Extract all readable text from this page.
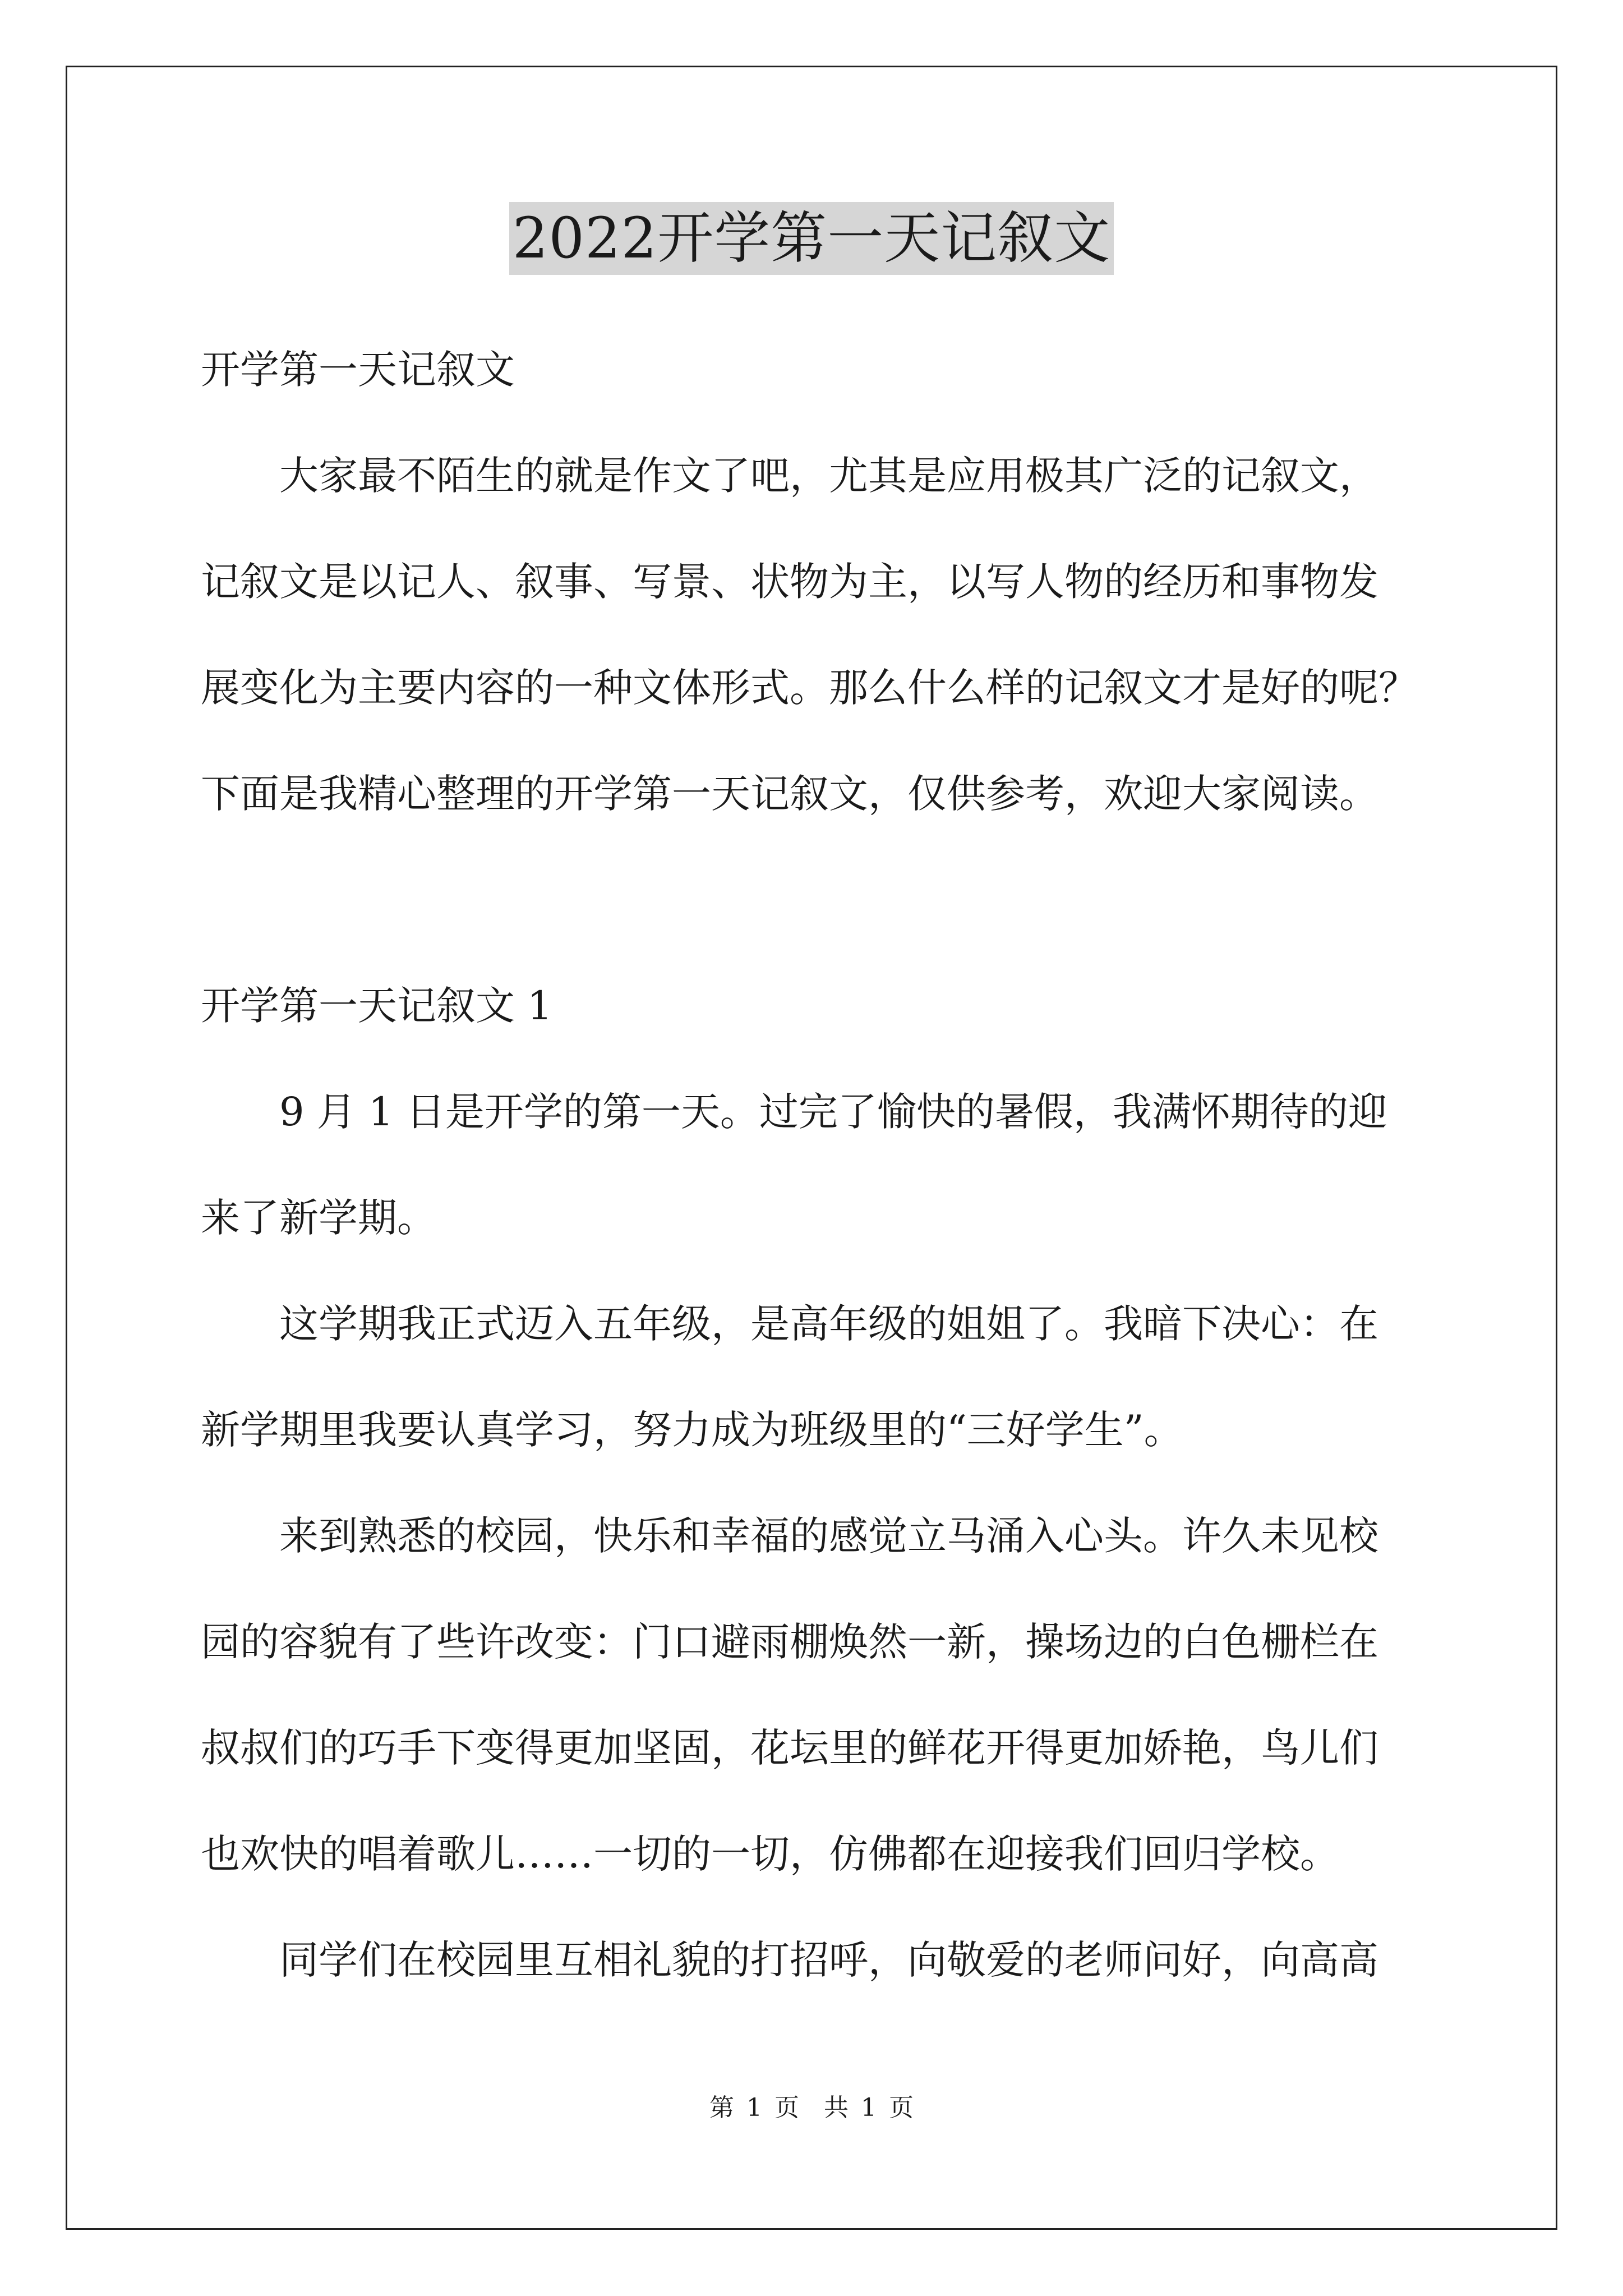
2022开学第一天记叙文
开学第一天记叙文
大家最不陌生的就是作文了吧，尤其是应用极其广泛的记叙文，
记叙文是以记人、叙事、写景、状物为主，以写人物的经历和事物发
展变化为主要内容的一种文体形式。那么什么样的记叙文才是好的呢？
下面是我精心整理的开学第一天记叙文，仅供参考，欢迎大家阅读。
开学第一天记叙文 1
9 月 1 日是开学的第一天。过完了愉快的暑假，我满怀期待的迎
来了新学期。
这学期我正式迈入五年级，是高年级的姐姐了。我暗下决心：在
新学期里我要认真学习，努力成为班级里的“三好学生”。
来到熟悉的校园，快乐和幸福的感觉立马涌入心头。许久未见校
园的容貌有了些许改变：门口避雨棚焕然一新，操场边的白色栅栏在
叔叔们的巧手下变得更加坚固，花坛里的鲜花开得更加娇艳，鸟儿们
也欢快的唱着歌儿……一切的一切，仿佛都在迎接我们回归学校。
同学们在校园里互相礼貌的打招呼，向敬爱的老师问好，向高高
第 1 页　共 1 页
